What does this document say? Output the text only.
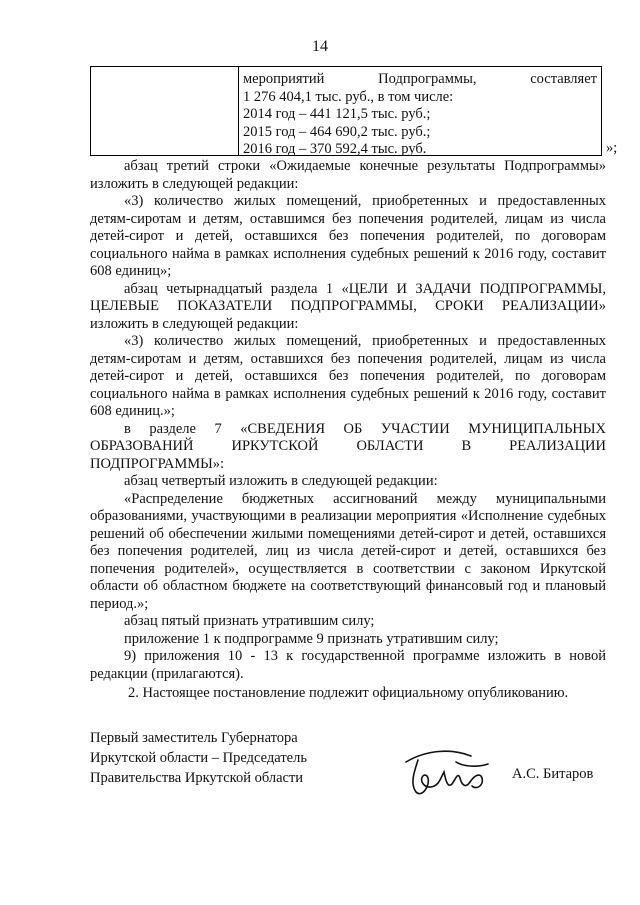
14
мероприятий	Подпрограммы,	составляет
1 276 404,1 тыс. руб., в том числе:
2014 год – 441 121,5 тыс. руб.;
2015 год – 464 690,2 тыс. руб.;
2016 год – 370 592,4 тыс. руб.	»;

абзац третий строки «Ожидаемые конечные результаты Подпрограммы» изложить в следующей редакции:

«3) количество жилых помещений, приобретенных и предоставленных детям-сиротам и детям, оставшимся без попечения родителей, лицам из числа детей-сирот и детей, оставшихся без попечения родителей, по договорам социального найма в рамках исполнения судебных решений к 2016 году, составит 608 единиц»;

абзац четырнадцатый раздела 1 «ЦЕЛИ И ЗАДАЧИ ПОДПРОГРАММЫ, ЦЕЛЕВЫЕ ПОКАЗАТЕЛИ ПОДПРОГРАММЫ, СРОКИ РЕАЛИЗАЦИИ» изложить в следующей редакции:

«3) количество жилых помещений, приобретенных и предоставленных детям-сиротам и детям, оставшихся без попечения родителей, лицам из числа детей-сирот и детей, оставшихся без попечения родителей, по договорам социального найма в рамках исполнения судебных решений к 2016 году, составит 608 единиц.»;

в разделе 7 «СВЕДЕНИЯ ОБ УЧАСТИИ МУНИЦИПАЛЬНЫХ ОБРАЗОВАНИЙ ИРКУТСКОЙ ОБЛАСТИ В РЕАЛИЗАЦИИ ПОДПРОГРАММЫ»:

абзац четвертый изложить в следующей редакции:

«Распределение бюджетных ассигнований между муниципальными образованиями, участвующими в реализации мероприятия «Исполнение судебных решений об обеспечении жилыми помещениями детей-сирот и детей, оставшихся без попечения родителей, лиц из числа детей-сирот и детей, оставшихся без попечения родителей», осуществляется в соответствии с законом Иркутской области об областном бюджете на соответствующий финансовый год и плановый период.»;

абзац пятый признать утратившим силу;

приложение 1 к подпрограмме 9 признать утратившим силу;

9) приложения 10 - 13 к государственной программе изложить в новой редакции (прилагаются).

2. Настоящее постановление подлежит официальному опубликованию.

Первый заместитель Губернатора
Иркутской области – Председатель
Правительства Иркутской области	А.С. Битаров
